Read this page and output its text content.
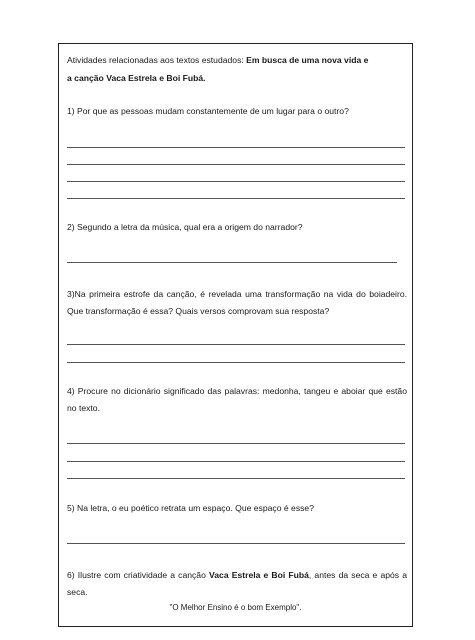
Atividades relacionadas aos textos estudados: Em busca de uma nova vida e

a canção Vaca Estrela e Boi Fubá.

1) Por que as pessoas mudam constantemente de um lugar para o outro?

2) Segundo a letra da música, qual era a origem do narrador?

3)Na primeira estrofe da canção, é revelada uma transformação na vida do boiadeiro. Que transformação é essa? Quais versos comprovam sua resposta?

4) Procure no dicionário significado das palavras: medonha, tangeu e aboiar que estão no texto.

5) Na letra, o eu poético retrata um espaço. Que espaço é esse?

6) Ilustre com criatividade a canção Vaca Estrela e Boi Fubá, antes da seca e após a seca.

"O Melhor Ensino é o bom Exemplo".
